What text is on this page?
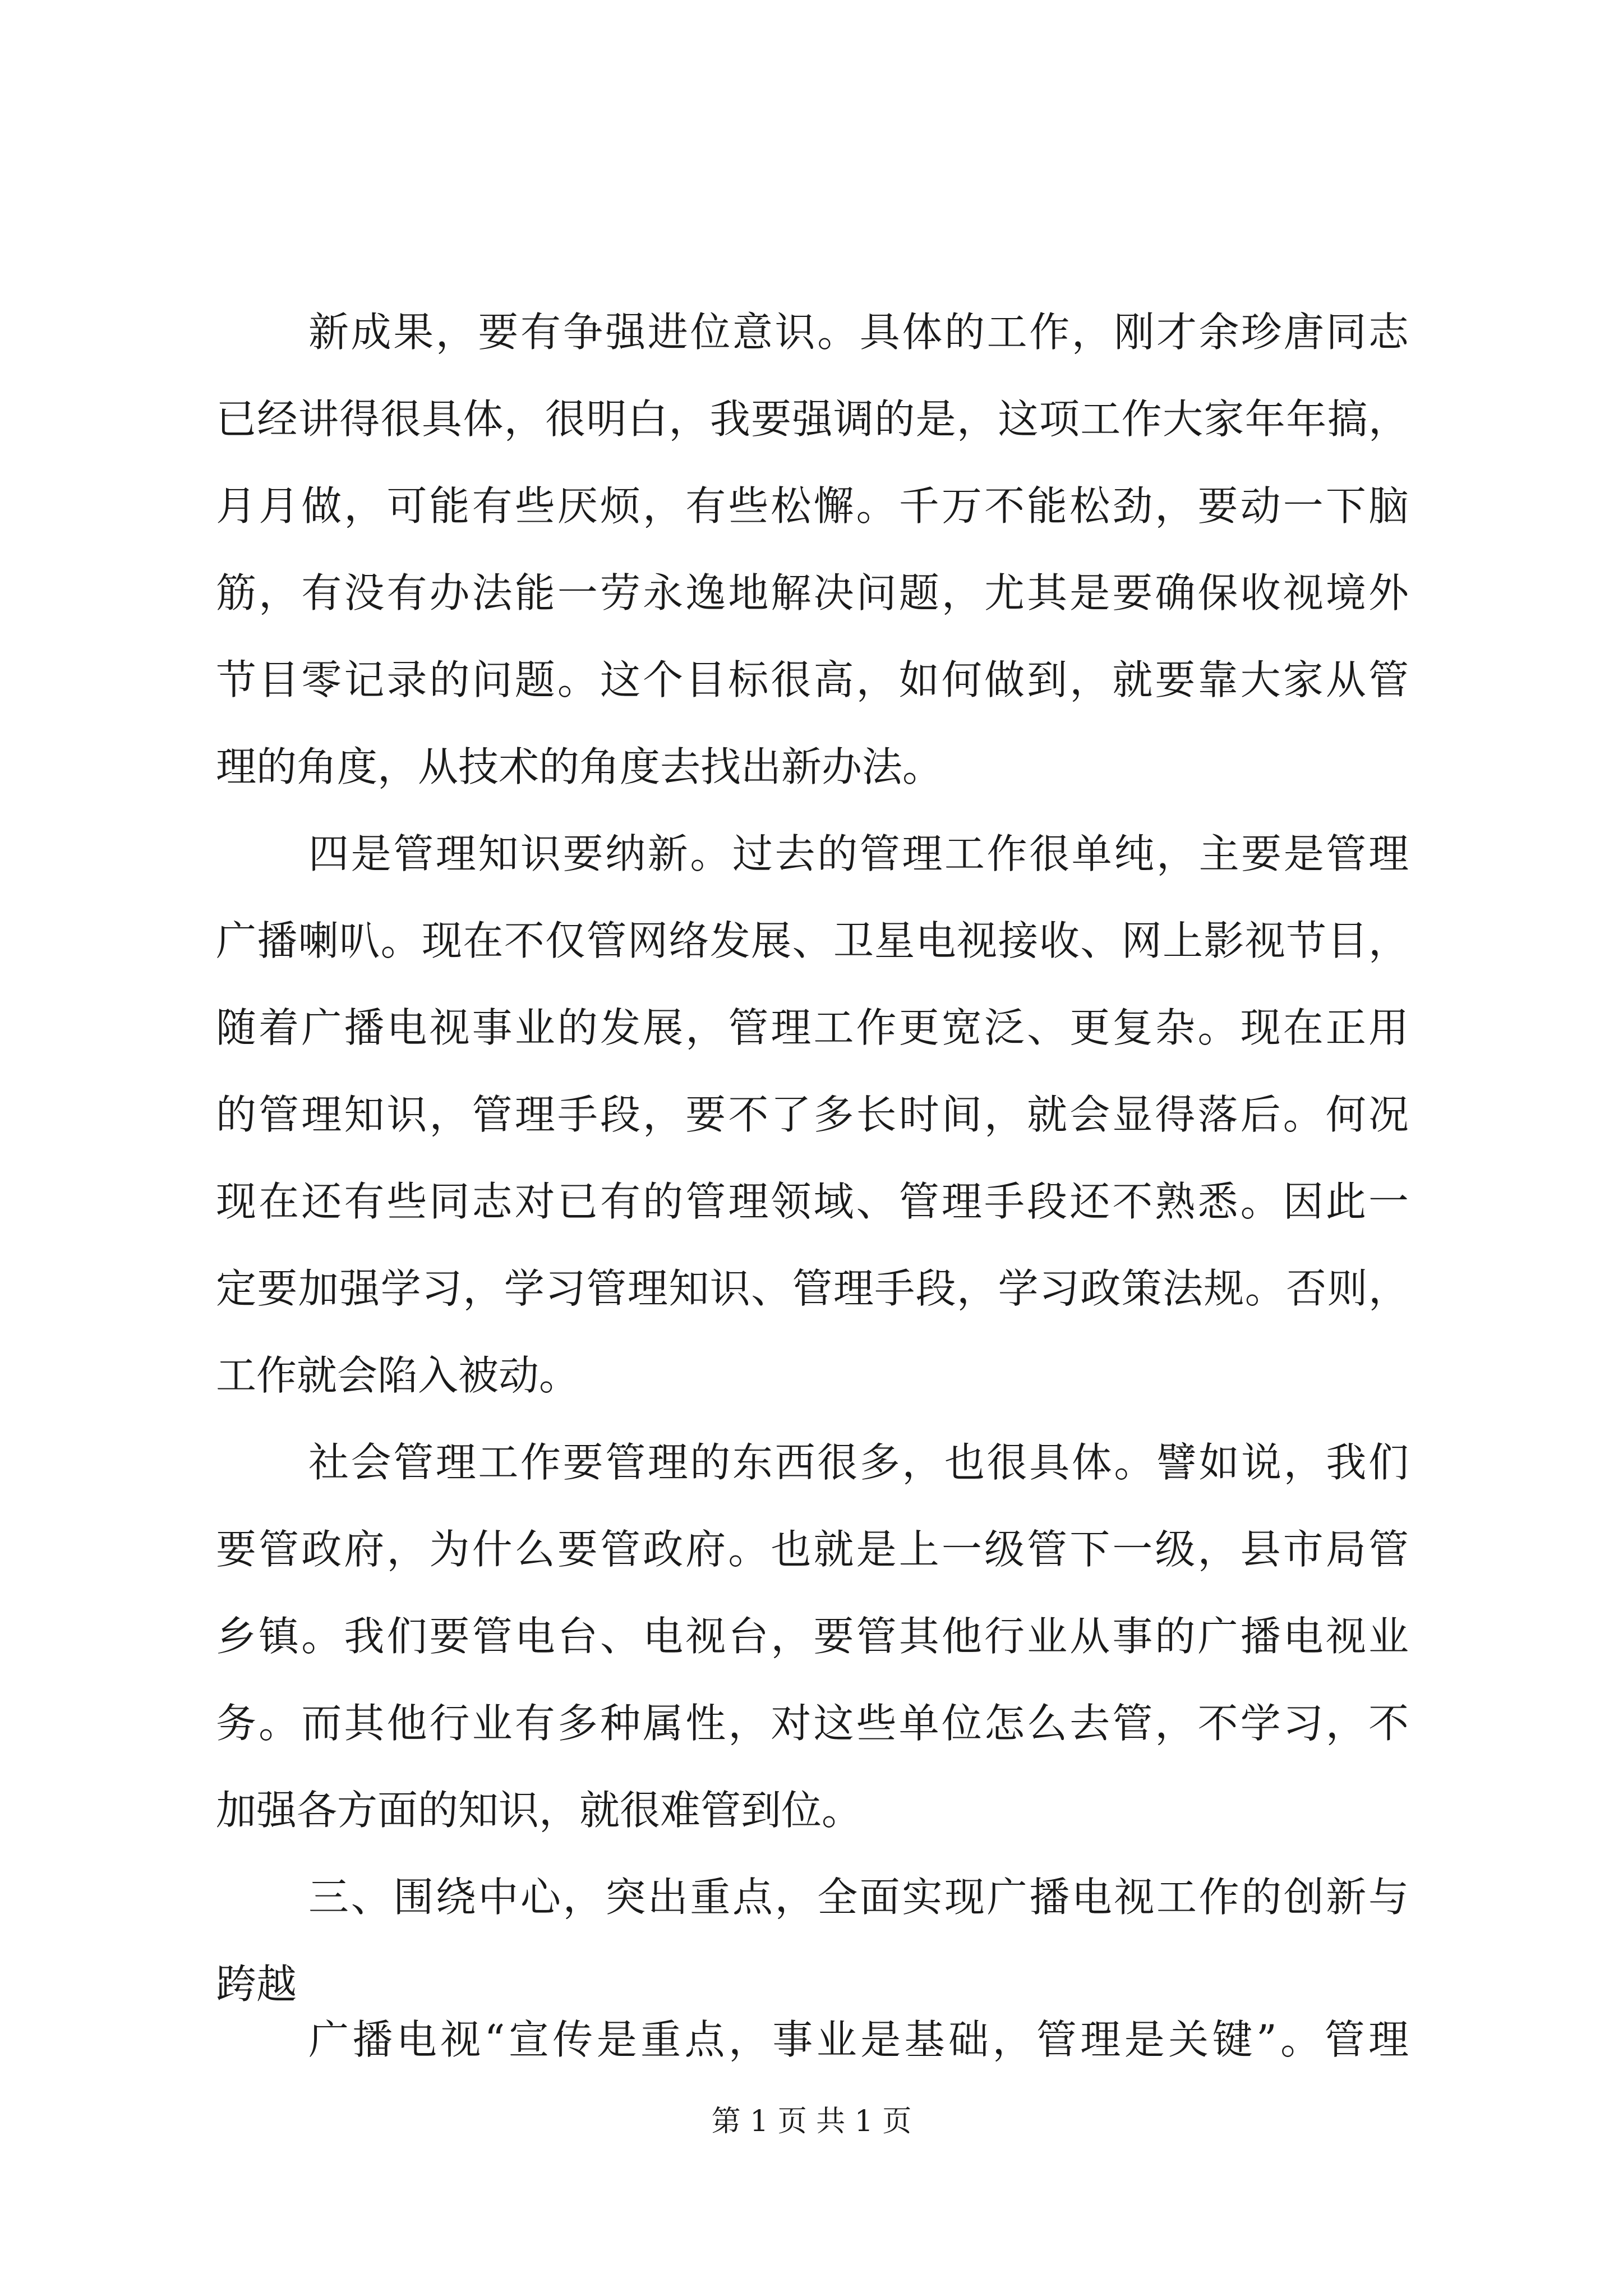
新成果，要有争强进位意识。具体的工作，刚才余珍唐同志
已经讲得很具体，很明白，我要强调的是，这项工作大家年年搞，
月月做，可能有些厌烦，有些松懈。千万不能松劲，要动一下脑
筋，有没有办法能一劳永逸地解决问题，尤其是要确保收视境外
节目零记录的问题。这个目标很高，如何做到，就要靠大家从管
理的角度，从技术的角度去找出新办法。
四是管理知识要纳新。过去的管理工作很单纯，主要是管理
广播喇叭。现在不仅管网络发展、卫星电视接收、网上影视节目，
随着广播电视事业的发展，管理工作更宽泛、更复杂。现在正用
的管理知识，管理手段，要不了多长时间，就会显得落后。何况
现在还有些同志对已有的管理领域、管理手段还不熟悉。因此一
定要加强学习，学习管理知识、管理手段，学习政策法规。否则，
工作就会陷入被动。
社会管理工作要管理的东西很多，也很具体。譬如说，我们
要管政府，为什么要管政府。也就是上一级管下一级，县市局管
乡镇。我们要管电台、电视台，要管其他行业从事的广播电视业
务。而其他行业有多种属性，对这些单位怎么去管，不学习，不
加强各方面的知识，就很难管到位。
三、围绕中心，突出重点，全面实现广播电视工作的创新与
跨越
广播电视“宣传是重点，事业是基础，管理是关键”。管理
第 1 页 共 1 页
